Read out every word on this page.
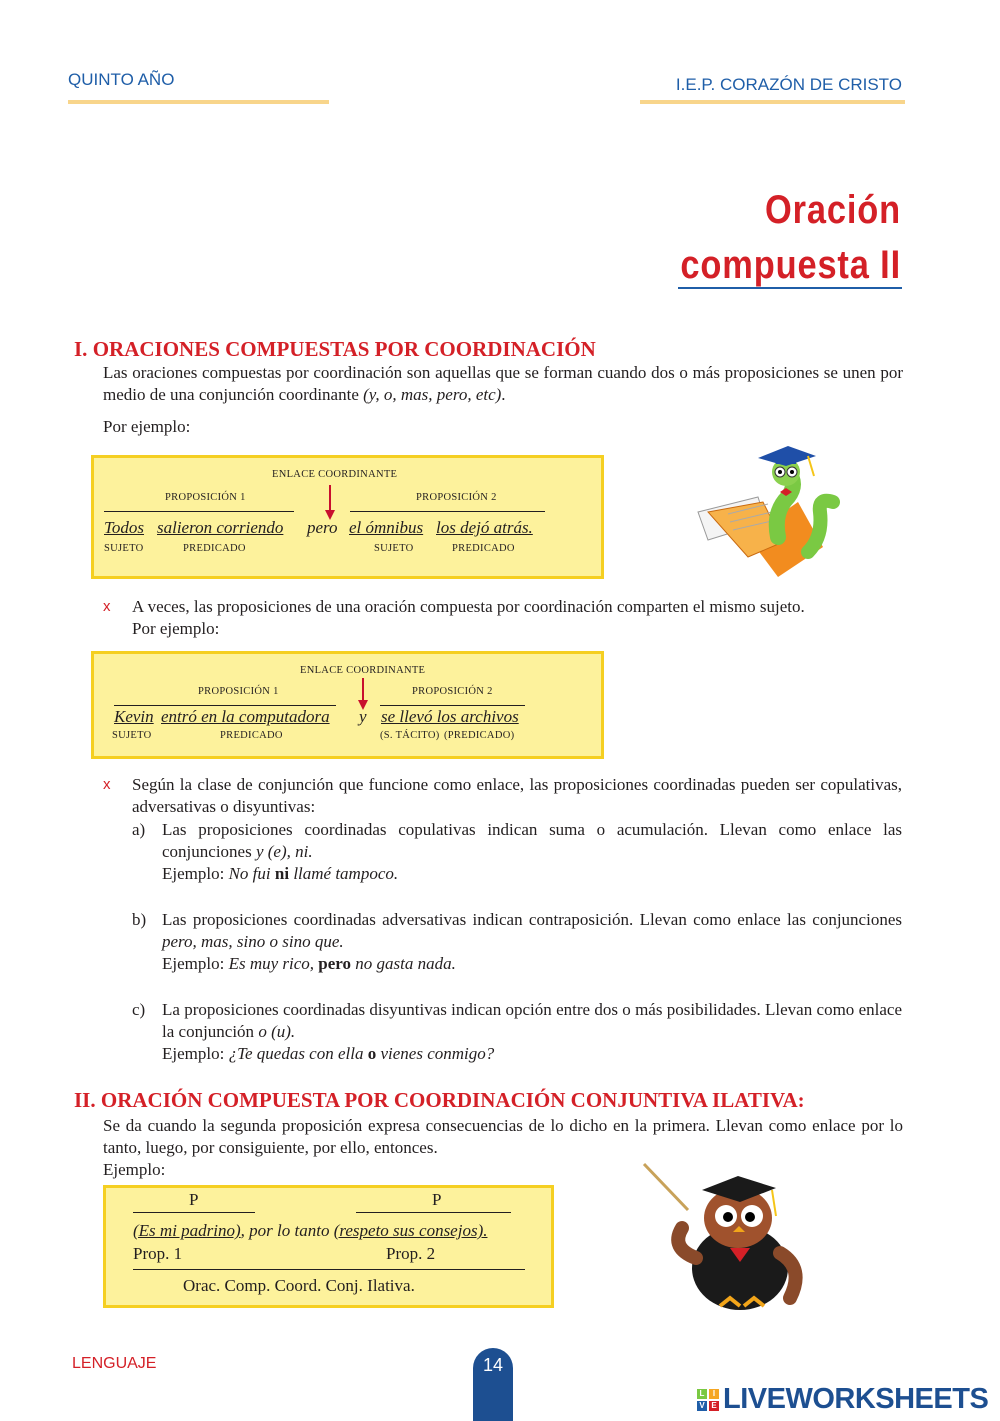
QUINTO AÑO	I.E.P. CORAZÓN DE CRISTO
Oración
compuesta II
I. ORACIONES COMPUESTAS POR COORDINACIÓN
Las oraciones compuestas por coordinación son aquellas que se forman cuando dos o más proposiciones se unen por medio de una conjunción coordinante (y, o, mas, pero, etc).
Por ejemplo:
ENLACE COORDINANTE
PROPOSICIÓN 1	PROPOSICIÓN 2
Todos salieron corriendo pero el ómnibus los dejó atrás.
SUJETO	PREDICADO	SUJETO	PREDICADO
x A veces, las proposiciones de una oración compuesta por coordinación comparten el mismo sujeto.
Por ejemplo:
ENLACE COORDINANTE
PROPOSICIÓN 1	PROPOSICIÓN 2
Kevin entró en la computadora y se llevó los archivos
SUJETO	PREDICADO	(S. TÁCITO) (PREDICADO)
x Según la clase de conjunción que funcione como enlace, las proposiciones coordinadas pueden ser copulativas, adversativas o disyuntivas:
a) Las proposiciones coordinadas copulativas indican suma o acumulación. Llevan como enlace las conjunciones y (e), ni.
Ejemplo: No fui ni llamé tampoco.
b) Las proposiciones coordinadas adversativas indican contraposición. Llevan como enlace las conjunciones pero, mas, sino o sino que.
Ejemplo: Es muy rico, pero no gasta nada.
c) La proposiciones coordinadas disyuntivas indican opción entre dos o más posibilidades. Llevan como enlace la conjunción o (u).
Ejemplo: ¿Te quedas con ella o vienes conmigo?
II. ORACIÓN COMPUESTA POR COORDINACIÓN CONJUNTIVA ILATIVA:
Se da cuando la segunda proposición expresa consecuencias de lo dicho en la primera. Llevan como enlace por lo tanto, luego, por consiguiente, por ello, entonces.
Ejemplo:
P	P
(Es mi padrino), por lo tanto (respeto sus consejos).
Prop. 1	Prop. 2
Orac. Comp. Coord. Conj. Ilativa.
LENGUAJE	14
L	I
V E LIVEWORKSHEETS
